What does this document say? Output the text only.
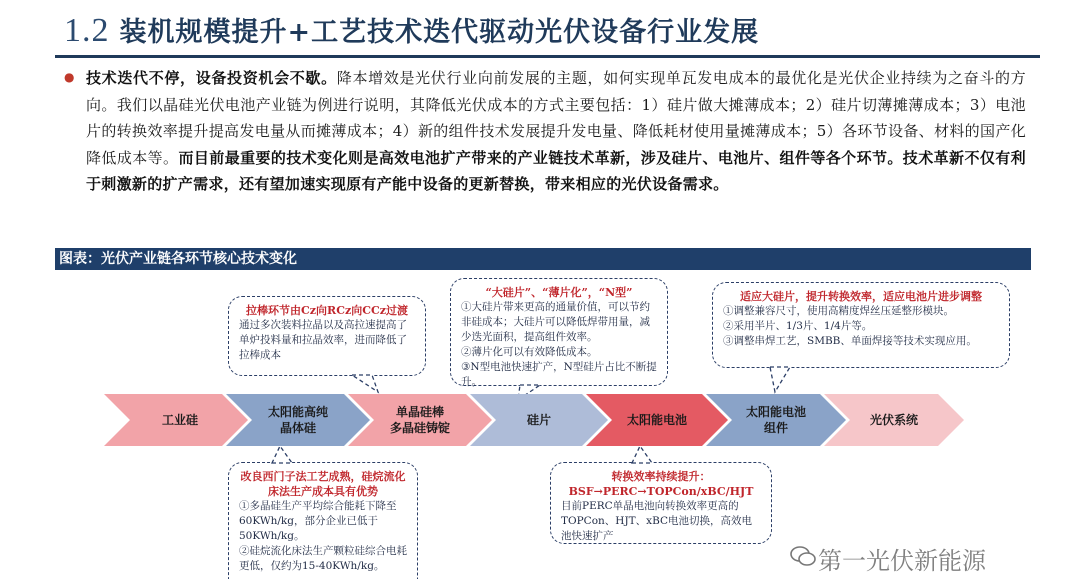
1.2 装机规模提升+工艺技术迭代驱动光伏设备行业发展
● 技术迭代不停，设备投资机会不歇。降本增效是光伏行业向前发展的主题，如何实现单瓦发电成本的最优化是光伏企业持续为之奋斗的方向。我们以晶硅光伏电池产业链为例进行说明，其降低光伏成本的方式主要包括：1）硅片做大摊薄成本；2）硅片切薄摊薄成本；3）电池片的转换效率提升提高发电量从而摊薄成本；4）新的组件技术发展提升发电量、降低耗材使用量摊薄成本；5）各环节设备、材料的国产化降低成本等。而目前最重要的技术变化则是高效电池扩产带来的产业链技术革新，涉及硅片、电池片、组件等各个环节。技术革新不仅有利于刺激新的扩产需求，还有望加速实现原有产能中设备的更新替换，带来相应的光伏设备需求。
图表：光伏产业链各环节核心技术变化
拉棒环节由Cz向RCz向CCz过渡
通过多次装料拉晶以及高拉速提高了单炉投料量和拉晶效率，进而降低了拉棒成本
“大硅片”、“薄片化”，“N型”
①大硅片带来更高的通量价值，可以节约非硅成本；大硅片可以降低焊带用量，减少迭光面积，提高组件效率。
②薄片化可以有效降低成本。
③N型电池快速扩产，N型硅片占比不断提升。
适应大硅片，提升转换效率，适应电池片进步调整
①调整兼容尺寸，使用高精度焊丝压延整形模块。
②采用半片、1/3片、1/4片等。
③调整串焊工艺，SMBB、单面焊接等技术实现应用。
改良西门子法工艺成熟，硅烷流化床法生产成本具有优势
①多晶硅生产平均综合能耗下降至60KWh/kg，部分企业已低于50KWh/kg。
②硅烷流化床法生产颗粒硅综合电耗更低，仅约为15-40KWh/kg。
转换效率持续提升：
BSF→PERC→TOPCon/xBC/HJT
目前PERC单晶电池向转换效率更高的TOPCon、HJT、xBC电池切换，高效电池快速扩产
工业硅
太阳能高纯
晶体硅
单晶硅棒
多晶硅铸锭
硅片	太阳能电池
太阳能电池
组件
光伏系统
第一光伏新能源
